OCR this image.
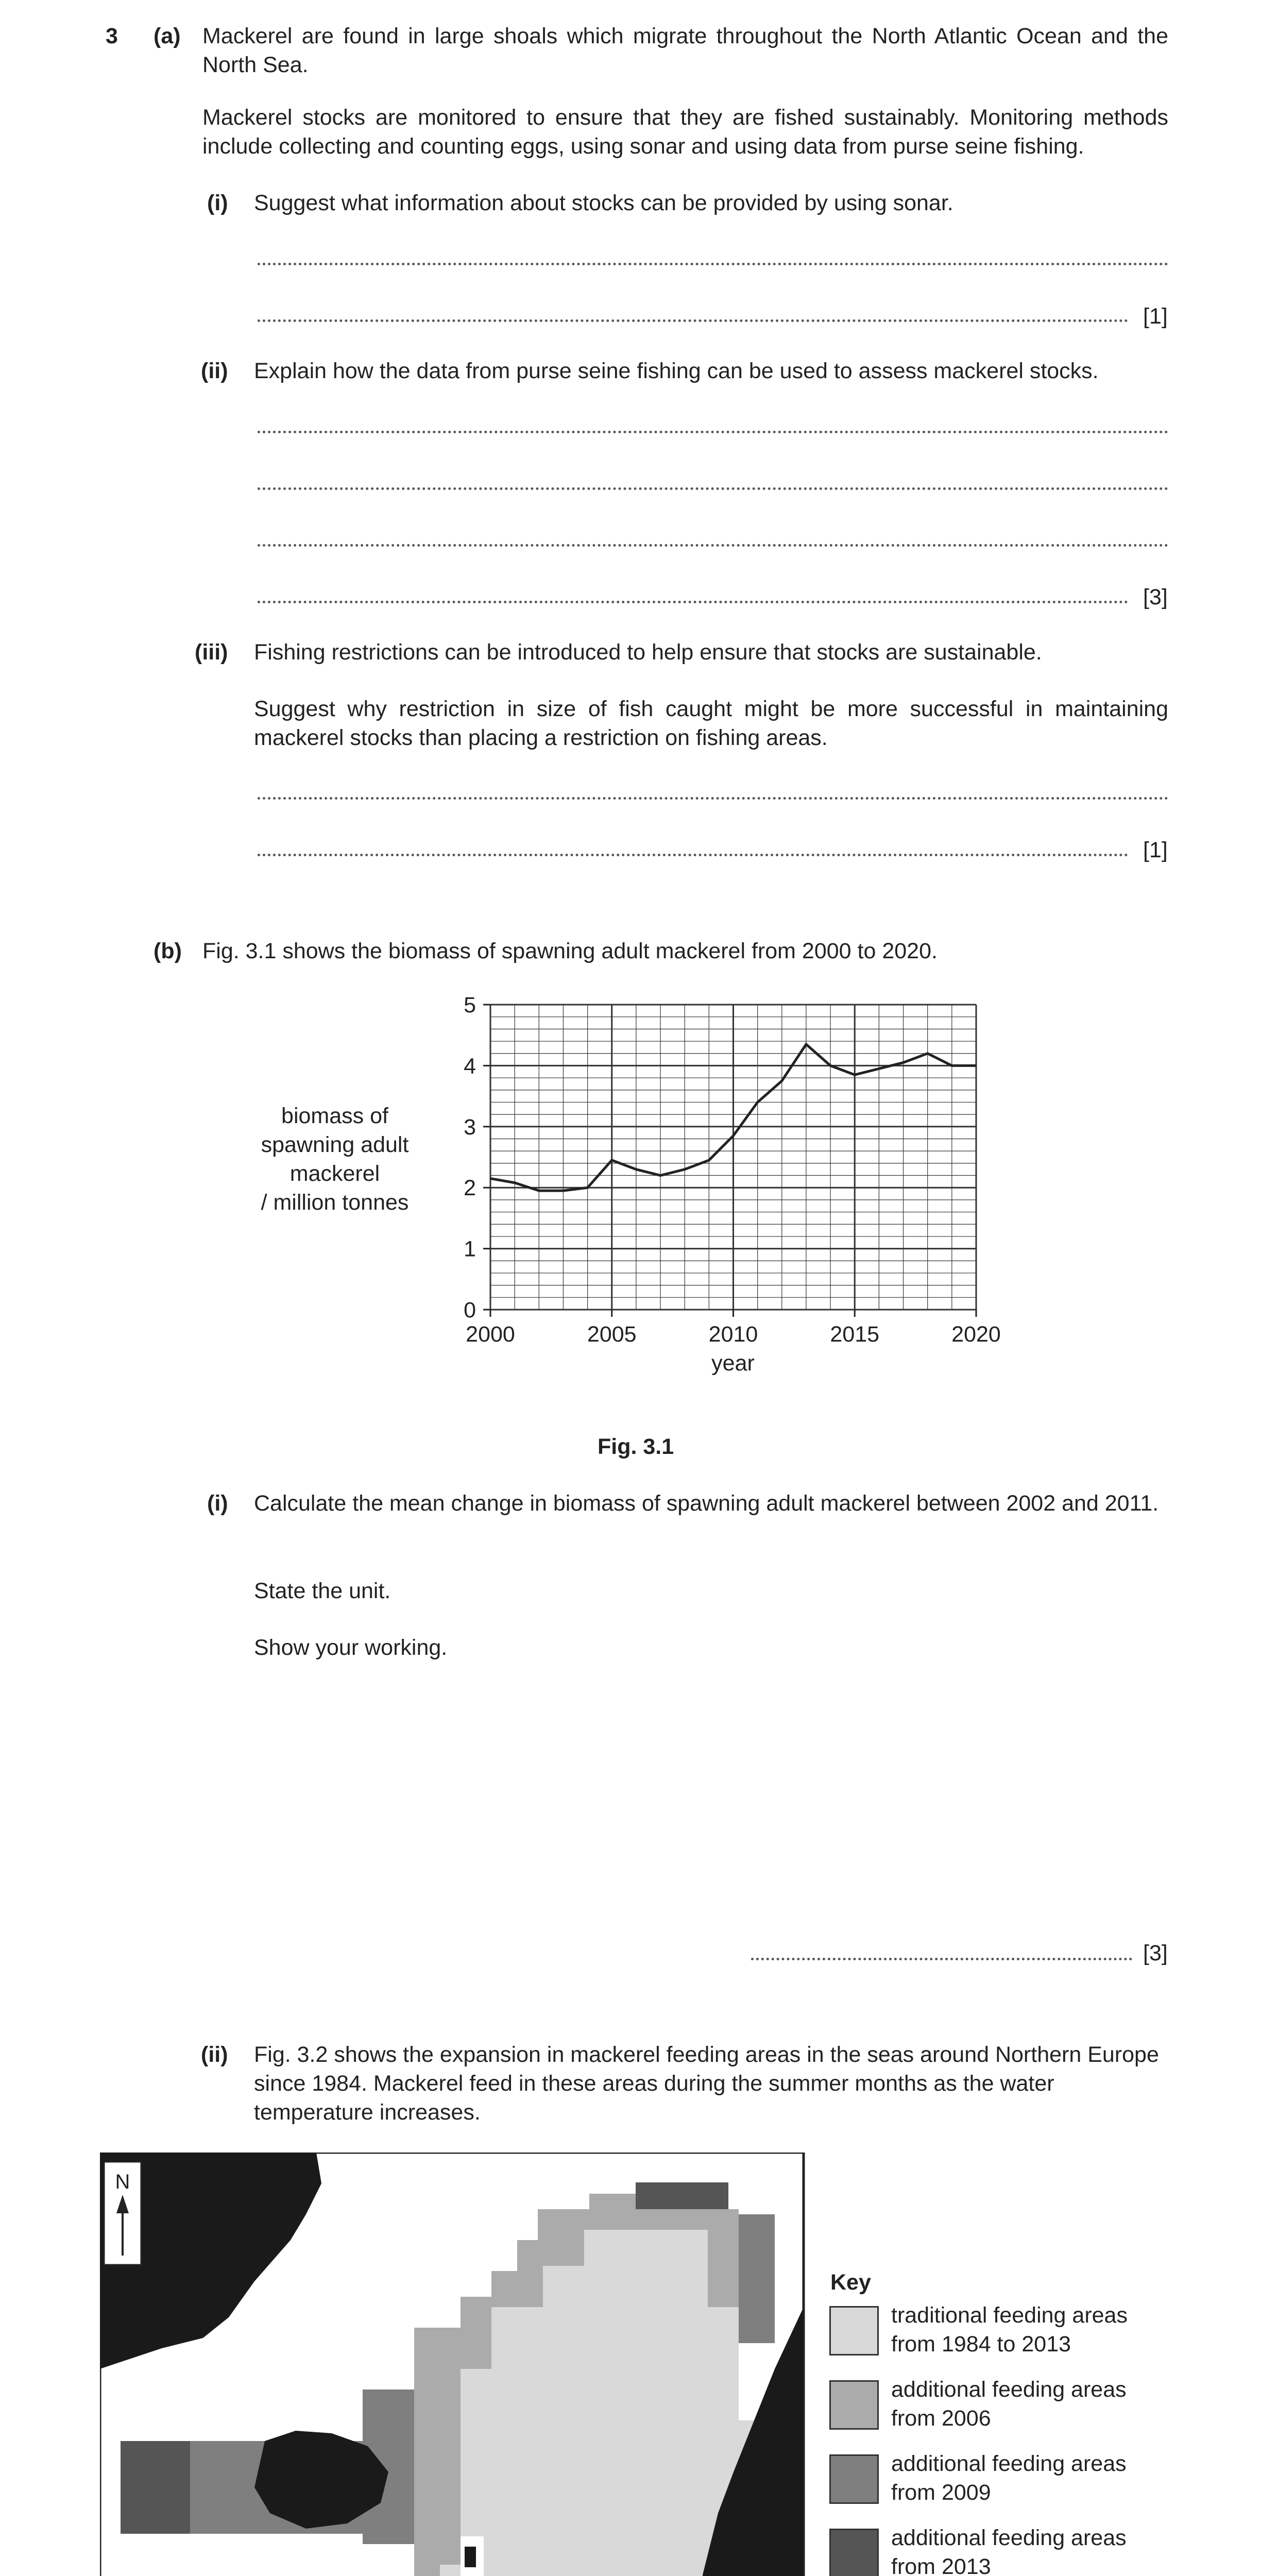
3 (a) Mackerel are found in large shoals which migrate throughout the North Atlantic Ocean and the North Sea.
Mackerel stocks are monitored to ensure that they are fished sustainably. Monitoring methods include collecting and counting eggs, using sonar and using data from purse seine fishing.
(i) Suggest what information about stocks can be provided by using sonar.
[1]
(ii) Explain how the data from purse seine fishing can be used to assess mackerel stocks.
[3]
(iii) Fishing restrictions can be introduced to help ensure that stocks are sustainable.
Suggest why restriction in size of fish caught might be more successful in maintaining mackerel stocks than placing a restriction on fishing areas.
[1]
(b) Fig. 3.1 shows the biomass of spawning adult mackerel from 2000 to 2020.
biomass of
spawning adult
mackerel
/ million tonnes
0
1
2
3
4
5
2000	2005	2010	2015	2020
year
Fig. 3.1
(i) Calculate the mean change in biomass of spawning adult mackerel between 2002 and 2011.
State the unit.
Show your working.
[3]
(ii) Fig. 3.2 shows the expansion in mackerel feeding areas in the seas around Northern Europe since 1984. Mackerel feed in these areas during the summer months as the water temperature increases.
N
Key
traditional feeding areas
from 1984 to 2013
additional feeding areas
from 2006
additional feeding areas
from 2009
additional feeding areas
from 2013
